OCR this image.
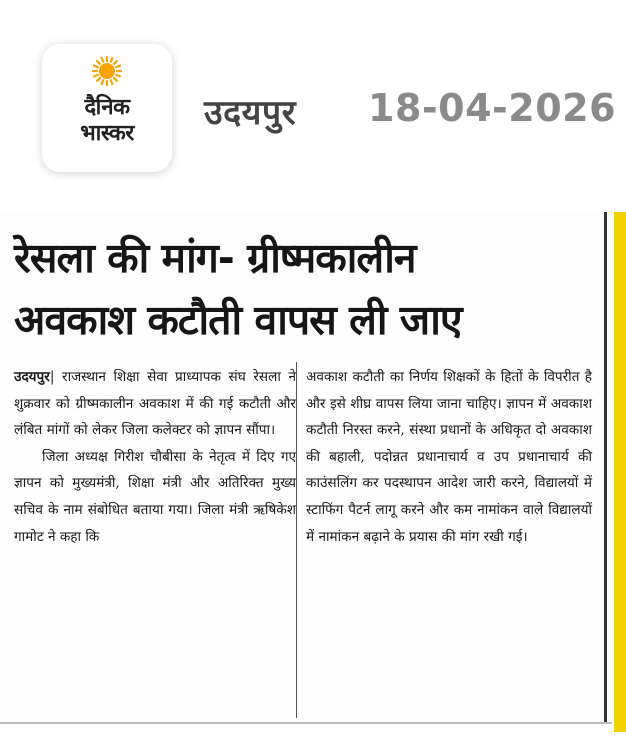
दैनिक
भास्कर
उदयपुर 18-04-2026
रेसला की मांग- ग्रीष्मकालीन
अवकाश कटौती वापस ली जाए

उदयपुर| राजस्थान शिक्षा सेवा प्राध्यापक संघ रेसला ने शुक्रवार को ग्रीष्मकालीन अवकाश में की गई कटौती और लंबित मांगों को लेकर जिला कलेक्टर को ज्ञापन सौंपा।

जिला अध्यक्ष गिरीश चौबीसा के नेतृत्व में दिए गए ज्ञापन को मुख्यमंत्री, शिक्षा मंत्री और अतिरिक्त मुख्य सचिव के नाम संबोधित बताया गया। जिला मंत्री ऋषिकेश गामोट ने कहा कि

अवकाश कटौती का निर्णय शिक्षकों के हितों के विपरीत है और इसे शीघ्र वापस लिया जाना चाहिए। ज्ञापन में अवकाश कटौती निरस्त करने, संस्था प्रधानों के अधिकृत दो अवकाश की बहाली, पदोन्नत प्रधानाचार्य व उप प्रधानाचार्य की काउंसलिंग कर पदस्थापन आदेश जारी करने, विद्यालयों में स्टाफिंग पैटर्न लागू करने और कम नामांकन वाले विद्यालयों में नामांकन बढ़ाने के प्रयास की मांग रखी गई।
